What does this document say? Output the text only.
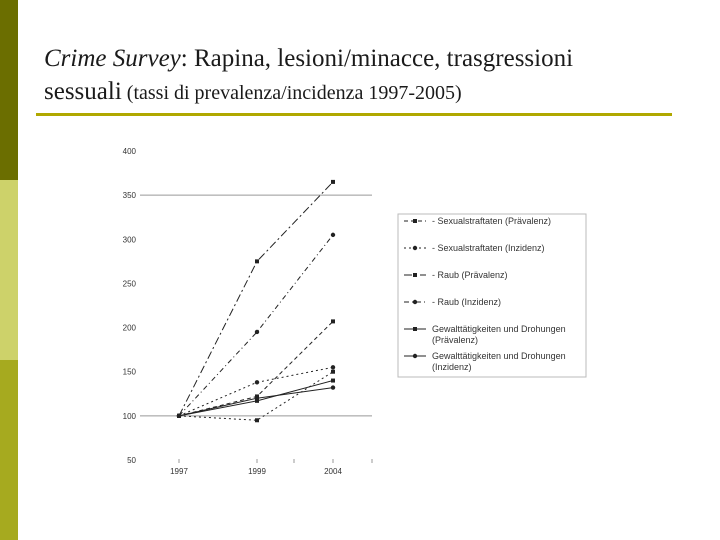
Crime Survey: Rapina, lesioni/minacce, trasgressioni
sessuali (tassi di prevalenza/incidenza 1997-2005)
50
100
150
200
250
300
350
400
1997	1999	2004
- Sexualstraftaten (Prävalenz)
- Sexualstraftaten (Inzidenz)
- Raub (Prävalenz)
- Raub (Inzidenz)
Gewalttätigkeiten und Drohungen
(Prävalenz)
Gewalttätigkeiten und Drohungen
(Inzidenz)
